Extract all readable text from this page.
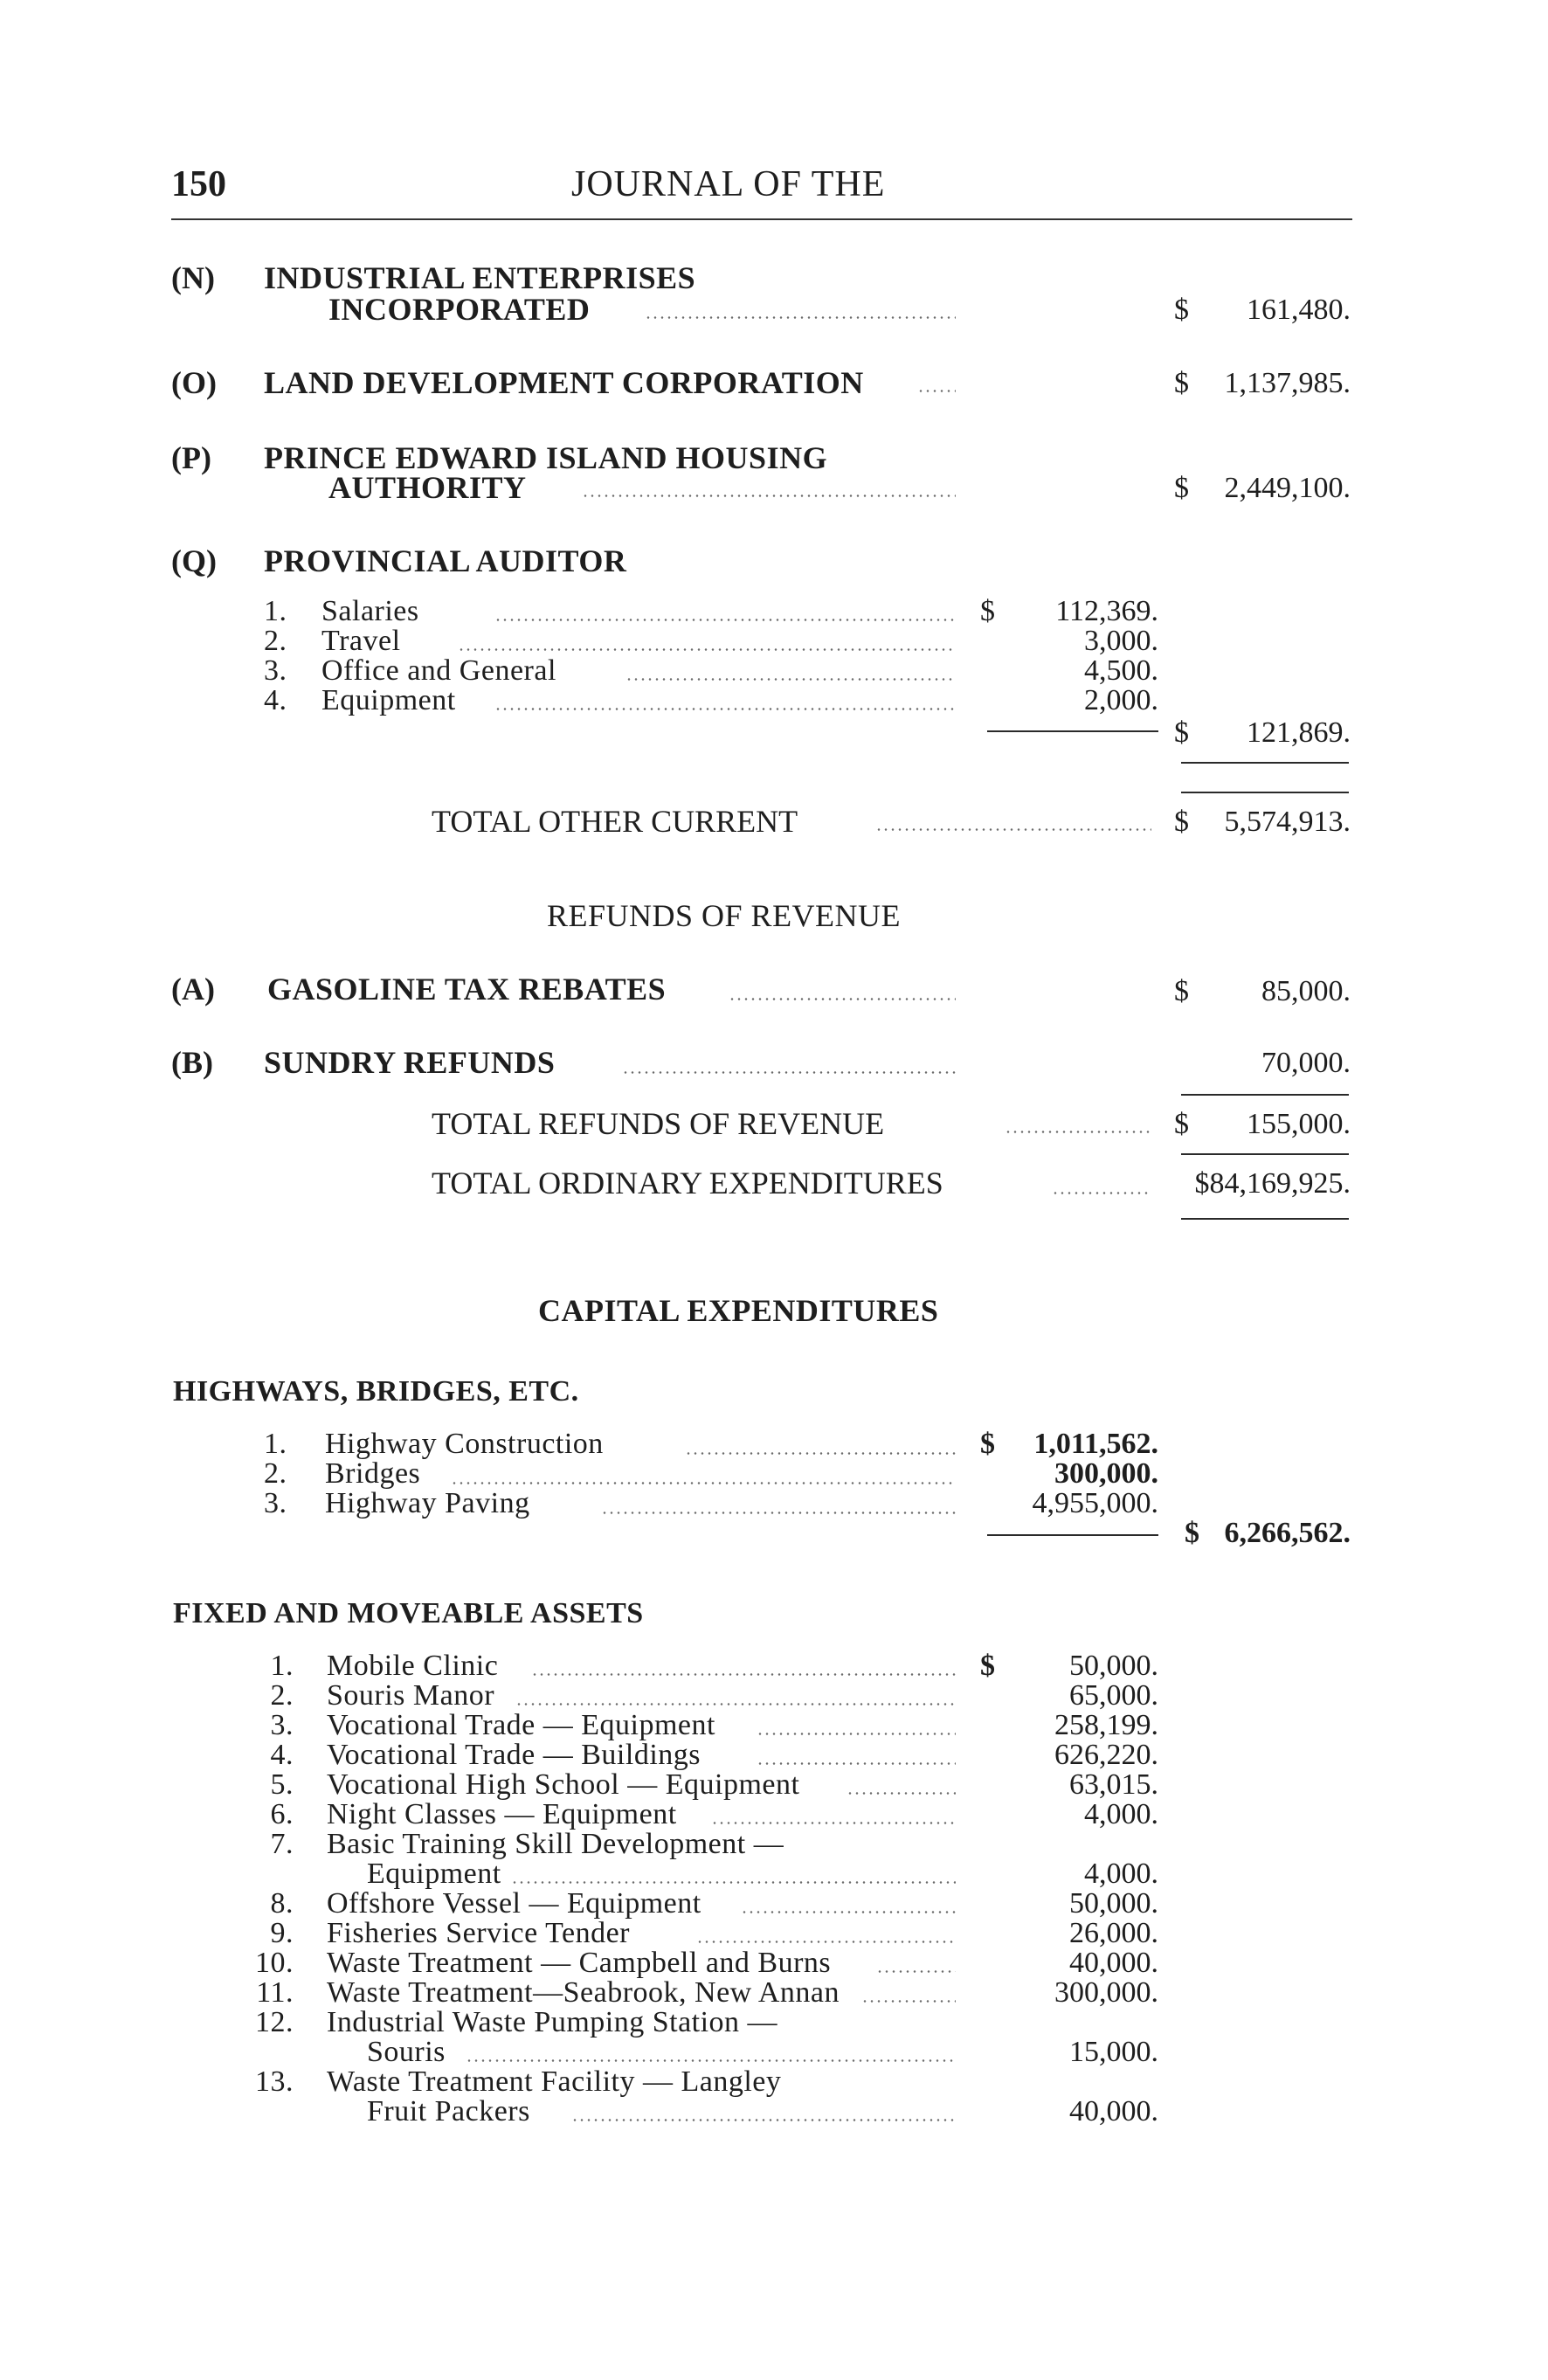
150	JOURNAL OF THE
(N) INDUSTRIAL ENTERPRISES
INCORPORATED	$ 161,480.
(O) LAND DEVELOPMENT CORPORATION	$ 1,137,985.
(P) PRINCE EDWARD ISLAND HOUSING
AUTHORITY	$ 2,449,100.
(Q) PROVINCIAL AUDITOR
1. Salaries	$ 112,369.
2. Travel	3,000.
3. Office and General	4,500.
4. Equipment	2,000.
$ 121,869.
TOTAL OTHER CURRENT	$ 5,574,913.
REFUNDS OF REVENUE
(A) GASOLINE TAX REBATES	$ 85,000.
(B) SUNDRY REFUNDS	70,000.
TOTAL REFUNDS OF REVENUE	$ 155,000.
TOTAL ORDINARY EXPENDITURES	$84,169,925.
CAPITAL EXPENDITURES
HIGHWAYS, BRIDGES, ETC.
1. Highway Construction	$ 1,011,562.
2. Bridges	300,000.
3. Highway Paving	4,955,000.
$ 6,266,562.
FIXED AND MOVEABLE ASSETS
1. Mobile Clinic	$	50,000.
2. Souris Manor	65,000.
3. Vocational Trade — Equipment	258,199.
4. Vocational Trade — Buildings	626,220.
5. Vocational High School — Equipment	63,015.
6. Night Classes — Equipment	4,000.
7. Basic Training Skill Development —
Equipment	4,000.
8. Offshore Vessel — Equipment	50,000.
9. Fisheries Service Tender	26,000.
10. Waste Treatment — Campbell and Burns	40,000.
11. Waste Treatment—Seabrook, New Annan	300,000.
12. Industrial Waste Pumping Station —
Souris	15,000.
13. Waste Treatment Facility — Langley
Fruit Packers	40,000.
